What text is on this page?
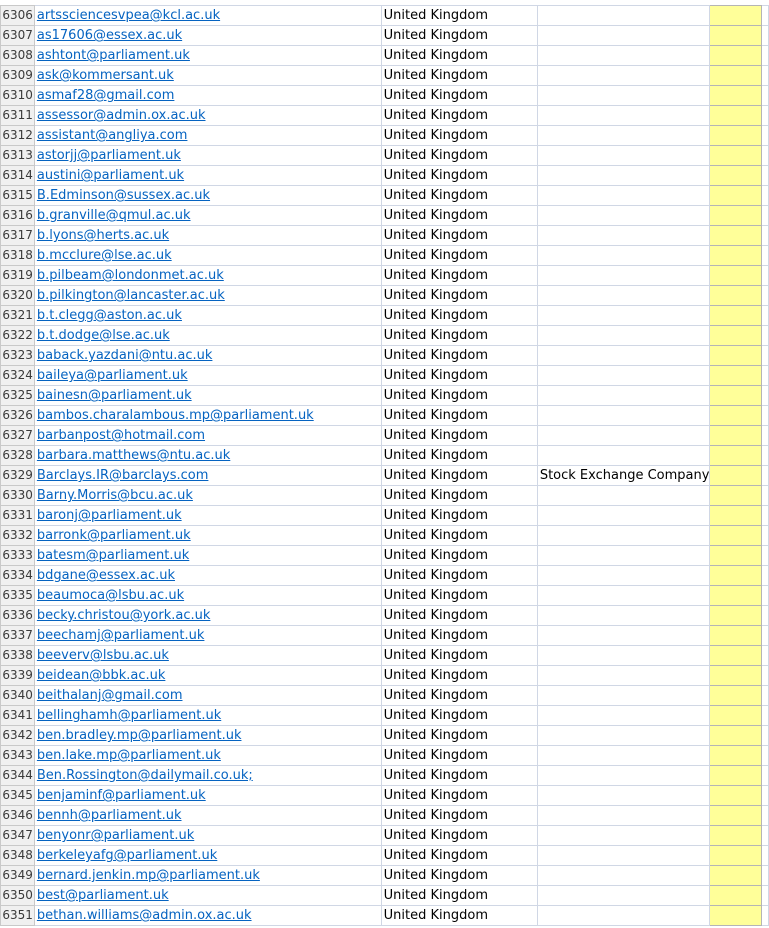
6306	artssciencesvpea@kcl.ac.uk	United Kingdom			
6307	as17606@essex.ac.uk	United Kingdom			
6308	ashtont@parliament.uk	United Kingdom			
6309	ask@kommersant.uk	United Kingdom			
6310	asmaf28@gmail.com	United Kingdom			
6311	assessor@admin.ox.ac.uk	United Kingdom			
6312	assistant@angliya.com	United Kingdom			
6313	astorjj@parliament.uk	United Kingdom			
6314	austini@parliament.uk	United Kingdom			
6315	B.Edminson@sussex.ac.uk	United Kingdom			
6316	b.granville@qmul.ac.uk	United Kingdom			
6317	b.lyons@herts.ac.uk	United Kingdom			
6318	b.mcclure@lse.ac.uk	United Kingdom			
6319	b.pilbeam@londonmet.ac.uk	United Kingdom			
6320	b.pilkington@lancaster.ac.uk	United Kingdom			
6321	b.t.clegg@aston.ac.uk	United Kingdom			
6322	b.t.dodge@lse.ac.uk	United Kingdom			
6323	baback.yazdani@ntu.ac.uk	United Kingdom			
6324	baileya@parliament.uk	United Kingdom			
6325	bainesn@parliament.uk	United Kingdom			
6326	bambos.charalambous.mp@parliament.uk	United Kingdom			
6327	barbanpost@hotmail.com	United Kingdom			
6328	barbara.matthews@ntu.ac.uk	United Kingdom			
6329	Barclays.IR@barclays.com	United Kingdom	Stock Exchange Company		
6330	Barny.Morris@bcu.ac.uk	United Kingdom			
6331	baronj@parliament.uk	United Kingdom			
6332	barronk@parliament.uk	United Kingdom			
6333	batesm@parliament.uk	United Kingdom			
6334	bdgane@essex.ac.uk	United Kingdom			
6335	beaumoca@lsbu.ac.uk	United Kingdom			
6336	becky.christou@york.ac.uk	United Kingdom			
6337	beechamj@parliament.uk	United Kingdom			
6338	beeverv@lsbu.ac.uk	United Kingdom			
6339	beidean@bbk.ac.uk	United Kingdom			
6340	beithalanj@gmail.com	United Kingdom			
6341	bellinghamh@parliament.uk	United Kingdom			
6342	ben.bradley.mp@parliament.uk	United Kingdom			
6343	ben.lake.mp@parliament.uk	United Kingdom			
6344	Ben.Rossington@dailymail.co.uk;	United Kingdom			
6345	benjaminf@parliament.uk	United Kingdom			
6346	bennh@parliament.uk	United Kingdom			
6347	benyonr@parliament.uk	United Kingdom			
6348	berkeleyafg@parliament.uk	United Kingdom			
6349	bernard.jenkin.mp@parliament.uk	United Kingdom			
6350	best@parliament.uk	United Kingdom			
6351	bethan.williams@admin.ox.ac.uk	United Kingdom			
